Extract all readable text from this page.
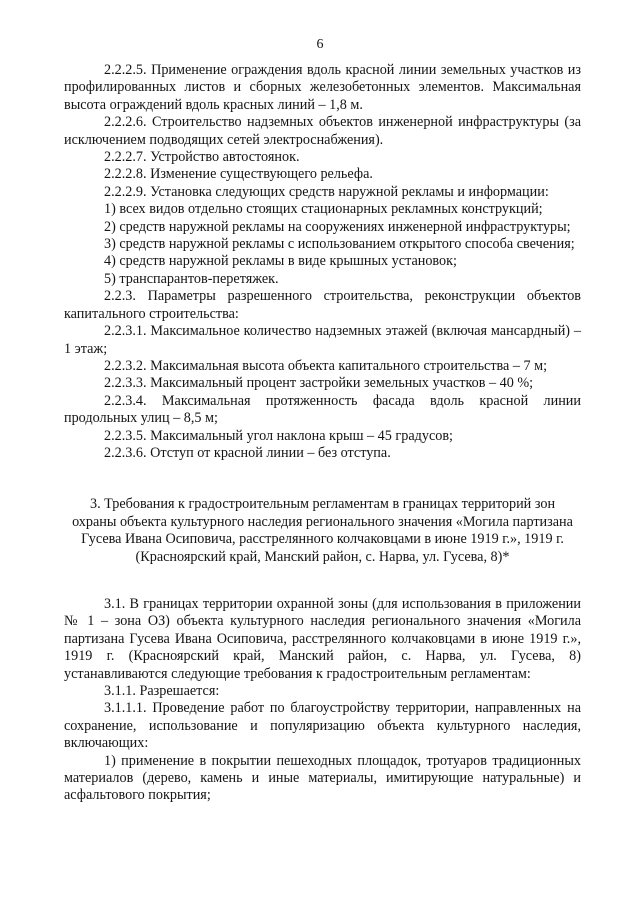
6

2.2.2.5. Применение ограждения вдоль красной линии земельных участков из профилированных листов и сборных железобетонных элементов. Максимальная высота ограждений вдоль красных линий – 1,8 м.

2.2.2.6. Строительство надземных объектов инженерной инфраструктуры (за исключением подводящих сетей электроснабжения).

2.2.2.7. Устройство автостоянок.

2.2.2.8. Изменение существующего рельефа.

2.2.2.9. Установка следующих средств наружной рекламы и информации:

1) всех видов отдельно стоящих стационарных рекламных конструкций;

2) средств наружной рекламы на сооружениях инженерной инфраструктуры;

3) средств наружной рекламы с использованием открытого способа свечения;

4) средств наружной рекламы в виде крышных установок;

5) транспарантов-перетяжек.

2.2.3. Параметры разрешенного строительства, реконструкции объектов капитального строительства:

2.2.3.1. Максимальное количество надземных этажей (включая мансардный) – 1 этаж;

2.2.3.2. Максимальная высота объекта капитального строительства – 7 м;

2.2.3.3. Максимальный процент застройки земельных участков – 40 %;

2.2.3.4. Максимальная протяженность фасада вдоль красной линии продольных улиц – 8,5 м;

2.2.3.5. Максимальный угол наклона крыш – 45 градусов;

2.2.3.6. Отступ от красной линии – без отступа.

3. Требования к градостроительным регламентам в границах территорий зон охраны объекта культурного наследия регионального значения «Могила партизана Гусева Ивана Осиповича, расстрелянного колчаковцами в июне 1919 г.», 1919 г. (Красноярский край, Манский район, с. Нарва, ул. Гусева, 8)*

3.1. В границах территории охранной зоны (для использования в приложении № 1 – зона ОЗ) объекта культурного наследия регионального значения «Могила партизана Гусева Ивана Осиповича, расстрелянного колчаковцами в июне 1919 г.», 1919 г. (Красноярский край, Манский район, с. Нарва, ул. Гусева, 8) устанавливаются следующие требования к градостроительным регламентам:

3.1.1. Разрешается:

3.1.1.1. Проведение работ по благоустройству территории, направленных на сохранение, использование и популяризацию объекта культурного наследия, включающих:

1) применение в покрытии пешеходных площадок, тротуаров традиционных материалов (дерево, камень и иные материалы, имитирующие натуральные) и асфальтового покрытия;
